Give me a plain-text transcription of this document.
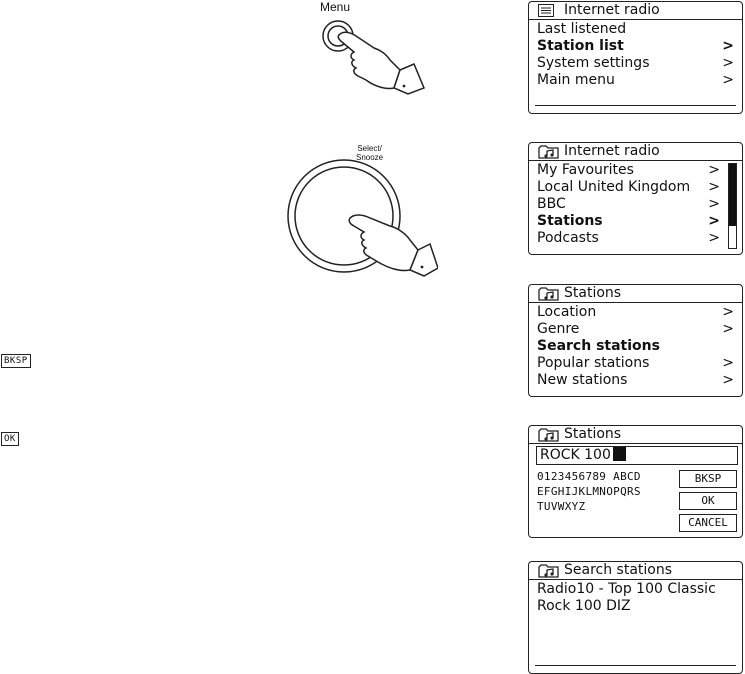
Menu
Select/
Snooze
BKSP
OK
Internet radio
Last listened
Station list	>
System settings	>
Main menu	>
Internet radio
My Favourites	>
Local United Kingdom >
BBC	>
Stations	>
Podcasts	>
Stations
Location	>
Genre	>
Search stations
Popular stations	>
New stations	>
Stations
ROCK 100
0123456789 ABCD
EFGHIJKLMNOPQRS
TUVWXYZ
BKSP
OK
CANCEL
Search stations
Radio10 - Top 100 Classic
Rock 100 DIZ
